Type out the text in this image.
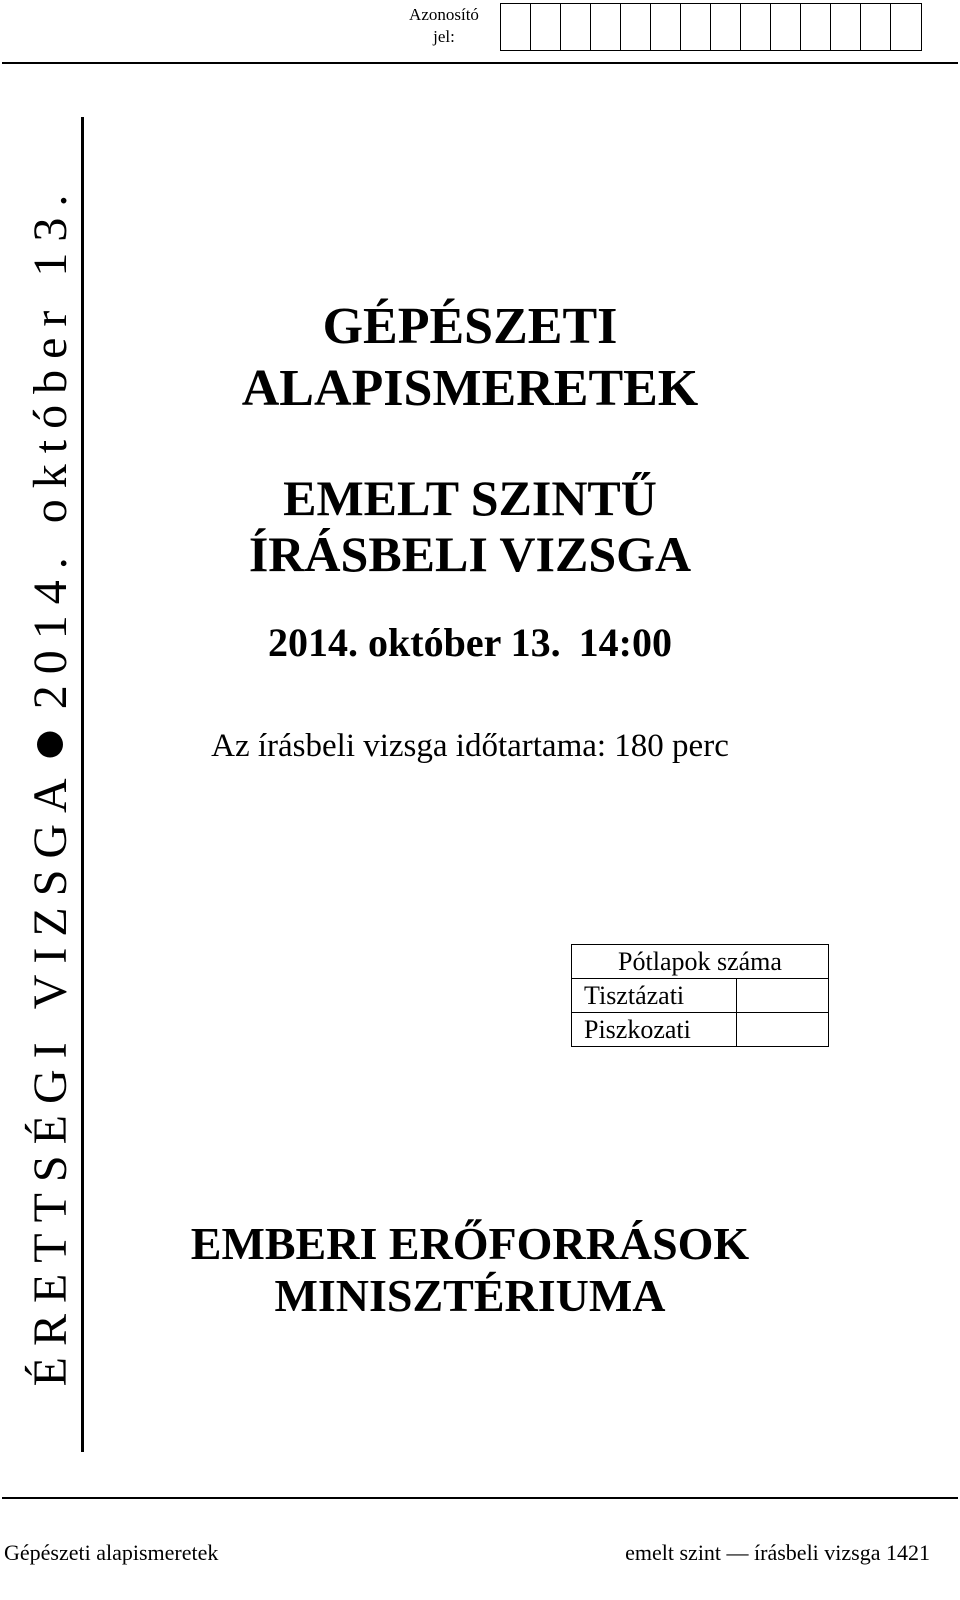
Azonosító
jel:
ÉRETTSÉGI VIZSGA
2014. október 13.	GÉPÉSZETI
ALAPISMERETEK
EMELT SZINTŰ
ÍRÁSBELI VIZSGA
2014. október 13. 14:00
Az írásbeli vizsga időtartama: 180 perc
Pótlapok száma	
Tisztázati	
Piszkozati	
EMBERI ERŐFORRÁSOK
MINISZTÉRIUMA
Gépészeti alapismeretek	emelt szint — írásbeli vizsga 1421
